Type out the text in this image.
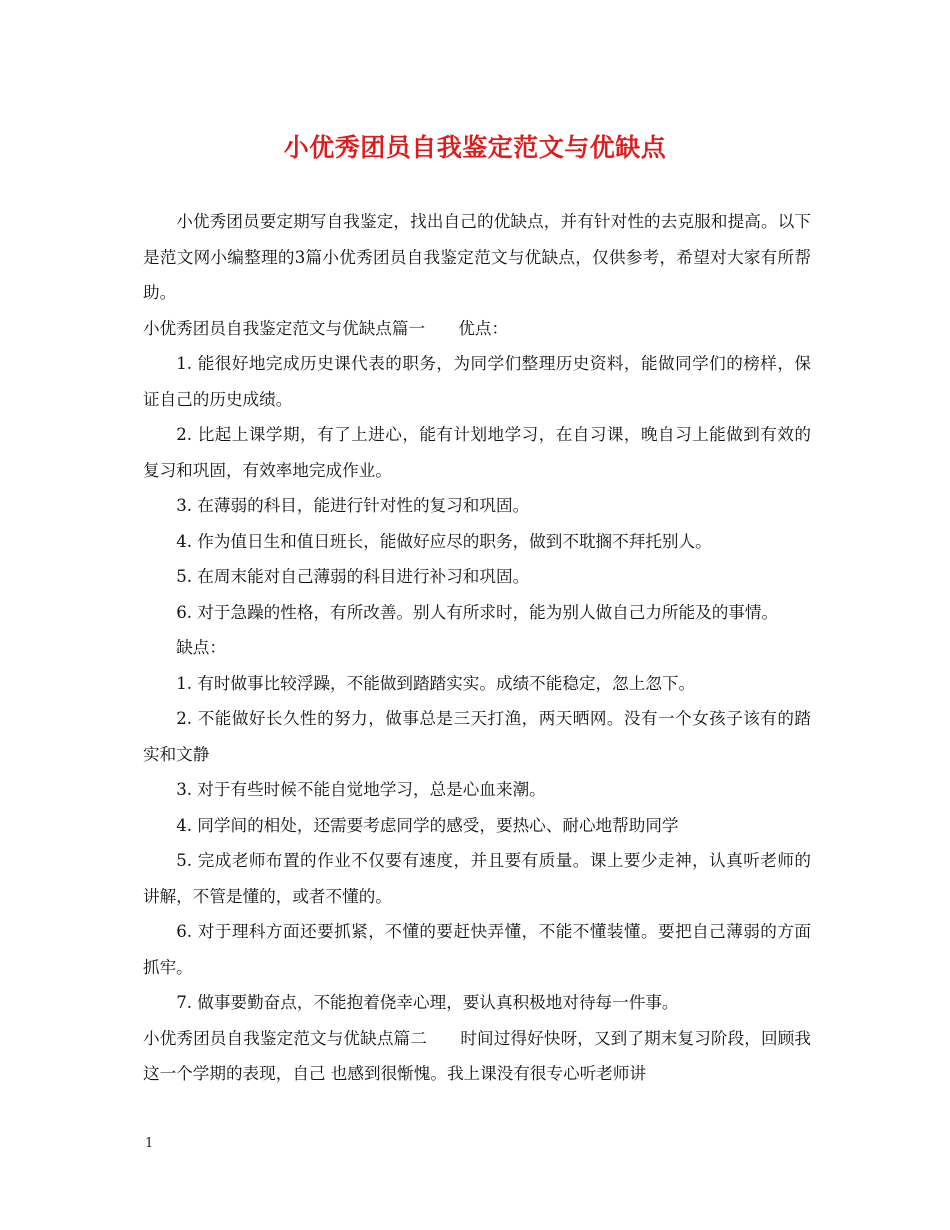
小优秀团员自我鉴定范文与优缺点

小优秀团员要定期写自我鉴定，找出自己的优缺点，并有针对性的去克服和提高。以下是范文网小编整理的3篇小优秀团员自我鉴定范文与优缺点，仅供参考，希望对大家有所帮助。

小优秀团员自我鉴定范文与优缺点篇一　　优点：

1. 能很好地完成历史课代表的职务，为同学们整理历史资料，能做同学们的榜样，保证自己的历史成绩。

2. 比起上课学期，有了上进心，能有计划地学习，在自习课，晚自习上能做到有效的复习和巩固，有效率地完成作业。

3. 在薄弱的科目，能进行针对性的复习和巩固。

4. 作为值日生和值日班长，能做好应尽的职务，做到不耽搁不拜托别人。

5. 在周末能对自己薄弱的科目进行补习和巩固。

6. 对于急躁的性格，有所改善。别人有所求时，能为别人做自己力所能及的事情。

缺点：

1. 有时做事比较浮躁，不能做到踏踏实实。成绩不能稳定，忽上忽下。

2. 不能做好长久性的努力，做事总是三天打渔，两天晒网。没有一个女孩子该有的踏实和文静

3. 对于有些时候不能自觉地学习，总是心血来潮。

4. 同学间的相处，还需要考虑同学的感受，要热心、耐心地帮助同学

5. 完成老师布置的作业不仅要有速度，并且要有质量。课上要少走神，认真听老师的讲解，不管是懂的，或者不懂的。

6. 对于理科方面还要抓紧，不懂的要赶快弄懂，不能不懂装懂。要把自己薄弱的方面抓牢。

7. 做事要勤奋点，不能抱着侥幸心理，要认真积极地对待每一件事。

小优秀团员自我鉴定范文与优缺点篇二　　时间过得好快呀，又到了期末复习阶段，回顾我这一个学期的表现，自己 也感到很惭愧。我上课没有很专心听老师讲

1
